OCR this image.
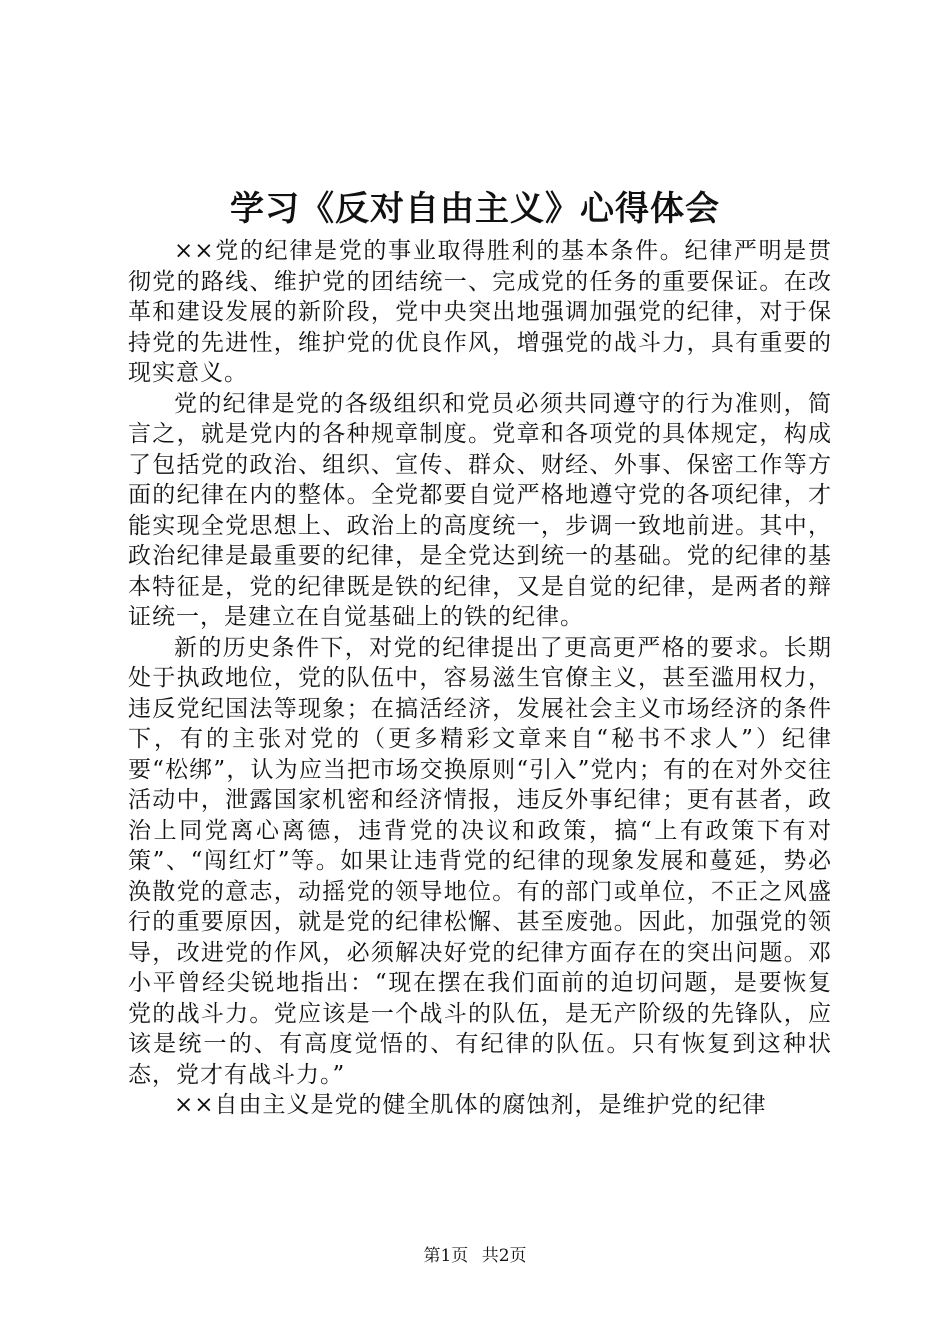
学习《反对自由主义》心得体会

××党的纪律是党的事业取得胜利的基本条件。纪律严明是贯彻党的路线、维护党的团结统一、完成党的任务的重要保证。在改革和建设发展的新阶段，党中央突出地强调加强党的纪律，对于保持党的先进性，维护党的优良作风，增强党的战斗力，具有重要的现实意义。

党的纪律是党的各级组织和党员必须共同遵守的行为准则，简言之，就是党内的各种规章制度。党章和各项党的具体规定，构成了包括党的政治、组织、宣传、群众、财经、外事、保密工作等方面的纪律在内的整体。全党都要自觉严格地遵守党的各项纪律，才能实现全党思想上、政治上的高度统一，步调一致地前进。其中，政治纪律是最重要的纪律，是全党达到统一的基础。党的纪律的基本特征是，党的纪律既是铁的纪律，又是自觉的纪律，是两者的辩证统一，是建立在自觉基础上的铁的纪律。

新的历史条件下，对党的纪律提出了更高更严格的要求。长期处于执政地位，党的队伍中，容易滋生官僚主义，甚至滥用权力，违反党纪国法等现象；在搞活经济，发展社会主义市场经济的条件下，有的主张对党的（更多精彩文章来自“秘书不求人”）纪律要“松绑”，认为应当把市场交换原则“引入”党内；有的在对外交往活动中，泄露国家机密和经济情报，违反外事纪律；更有甚者，政治上同党离心离德，违背党的决议和政策，搞“上有政策下有对策”、“闯红灯”等。如果让违背党的纪律的现象发展和蔓延，势必涣散党的意志，动摇党的领导地位。有的部门或单位，不正之风盛行的重要原因，就是党的纪律松懈、甚至废弛。因此，加强党的领导，改进党的作风，必须解决好党的纪律方面存在的突出问题。邓小平曾经尖锐地指出：“现在摆在我们面前的迫切问题，是要恢复党的战斗力。党应该是一个战斗的队伍，是无产阶级的先锋队，应该是统一的、有高度觉悟的、有纪律的队伍。只有恢复到这种状态，党才有战斗力。”

××自由主义是党的健全肌体的腐蚀剂，是维护党的纪律

第1页 共2页
